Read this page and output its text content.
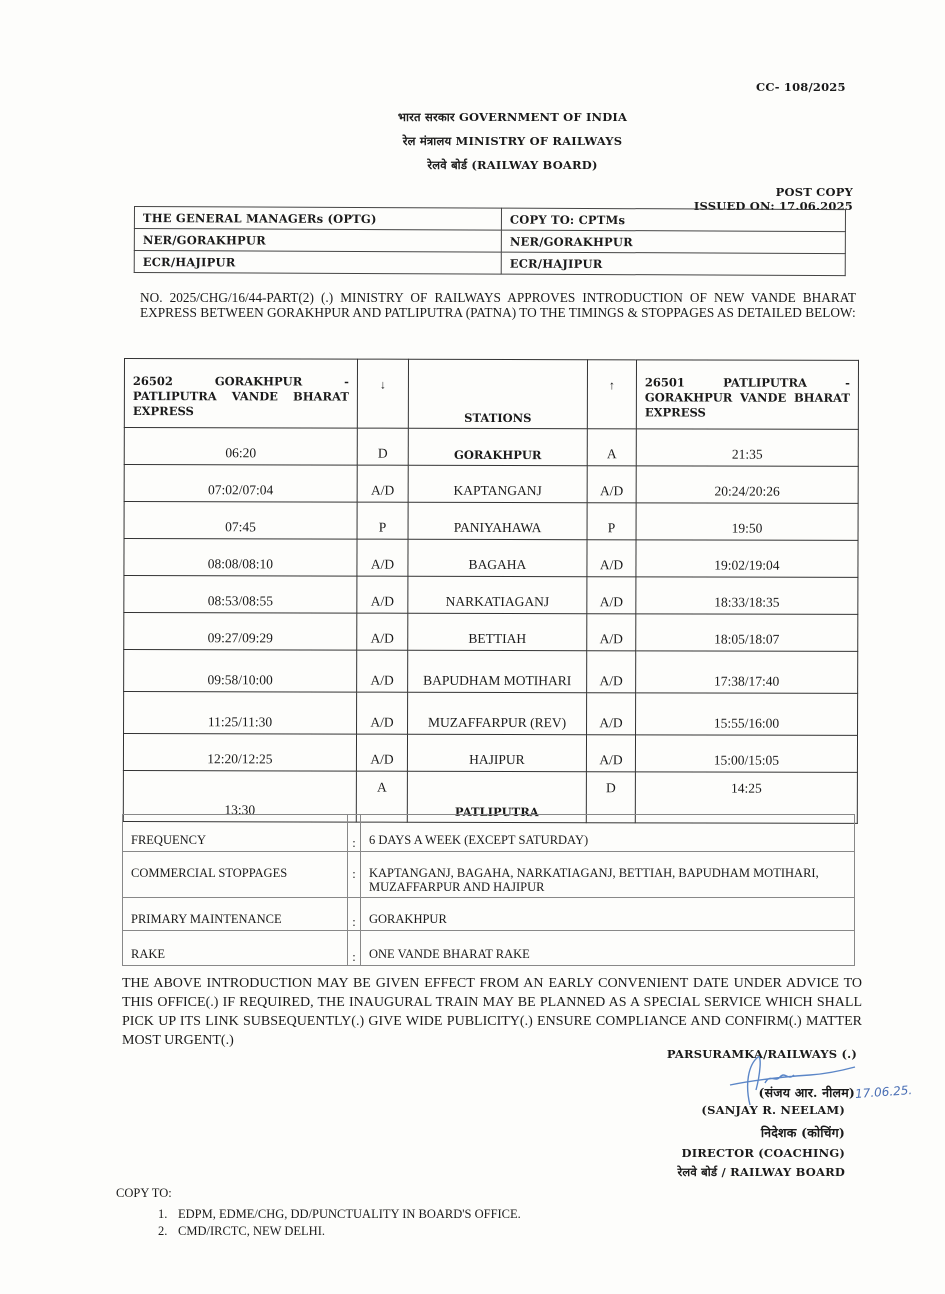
CC- 108/2025
भारत सरकार GOVERNMENT OF INDIA
रेल मंत्रालय MINISTRY OF RAILWAYS
रेलवे बोर्ड (RAILWAY BOARD)
POST COPY
ISSUED ON: 17.06.2025
THE GENERAL MANAGERs (OPTG)	COPY TO: CPTMs
NER/GORAKHPUR	NER/GORAKHPUR
ECR/HAJIPUR	ECR/HAJIPUR
NO. 2025/CHG/16/44-PART(2) (.) MINISTRY OF RAILWAYS APPROVES INTRODUCTION OF NEW VANDE BHARAT EXPRESS BETWEEN GORAKHPUR AND PATLIPUTRA (PATNA) TO THE TIMINGS & STOPPAGES AS DETAILED BELOW:
26502 GORAKHPUR - PATLIPUTRA VANDE BHARAT EXPRESS	↓	STATIONS	↑	26501 PATLIPUTRA - GORAKHPUR VANDE BHARAT EXPRESS
06:20	D	GORAKHPUR	A	21:35
07:02/07:04	A/D	KAPTANGANJ	A/D	20:24/20:26
07:45	P	PANIYAHAWA	P	19:50
08:08/08:10	A/D	BAGAHA	A/D	19:02/19:04
08:53/08:55	A/D	NARKATIAGANJ	A/D	18:33/18:35
09:27/09:29	A/D	BETTIAH	A/D	18:05/18:07
09:58/10:00	A/D	BAPUDHAM MOTIHARI	A/D	17:38/17:40
11:25/11:30	A/D	MUZAFFARPUR (REV)	A/D	15:55/16:00
12:20/12:25	A/D	HAJIPUR	A/D	15:00/15:05
13:30	A	PATLIPUTRA	D	14:25
FREQUENCY	:	6 DAYS A WEEK (EXCEPT SATURDAY)
COMMERCIAL STOPPAGES	:	KAPTANGANJ, BAGAHA, NARKATIAGANJ, BETTIAH, BAPUDHAM MOTIHARI, MUZAFFARPUR AND HAJIPUR
PRIMARY MAINTENANCE	:	GORAKHPUR
RAKE	:	ONE VANDE BHARAT RAKE
THE ABOVE INTRODUCTION MAY BE GIVEN EFFECT FROM AN EARLY CONVENIENT DATE UNDER ADVICE TO THIS OFFICE(.) IF REQUIRED, THE INAUGURAL TRAIN MAY BE PLANNED AS A SPECIAL SERVICE WHICH SHALL PICK UP ITS LINK SUBSEQUENTLY(.) GIVE WIDE PUBLICITY(.) ENSURE COMPLIANCE AND CONFIRM(.) MATTER MOST URGENT(.)
PARSURAMKA/RAILWAYS (.)
(संजय आर. नीलम) 17.06.25.
(SANJAY R. NEELAM)
निदेशक (कोचिंग)
DIRECTOR (COACHING)
रेलवे बोर्ड / RAILWAY BOARD
COPY TO:
1. EDPM, EDME/CHG, DD/PUNCTUALITY IN BOARD'S OFFICE.
2. CMD/IRCTC, NEW DELHI.
